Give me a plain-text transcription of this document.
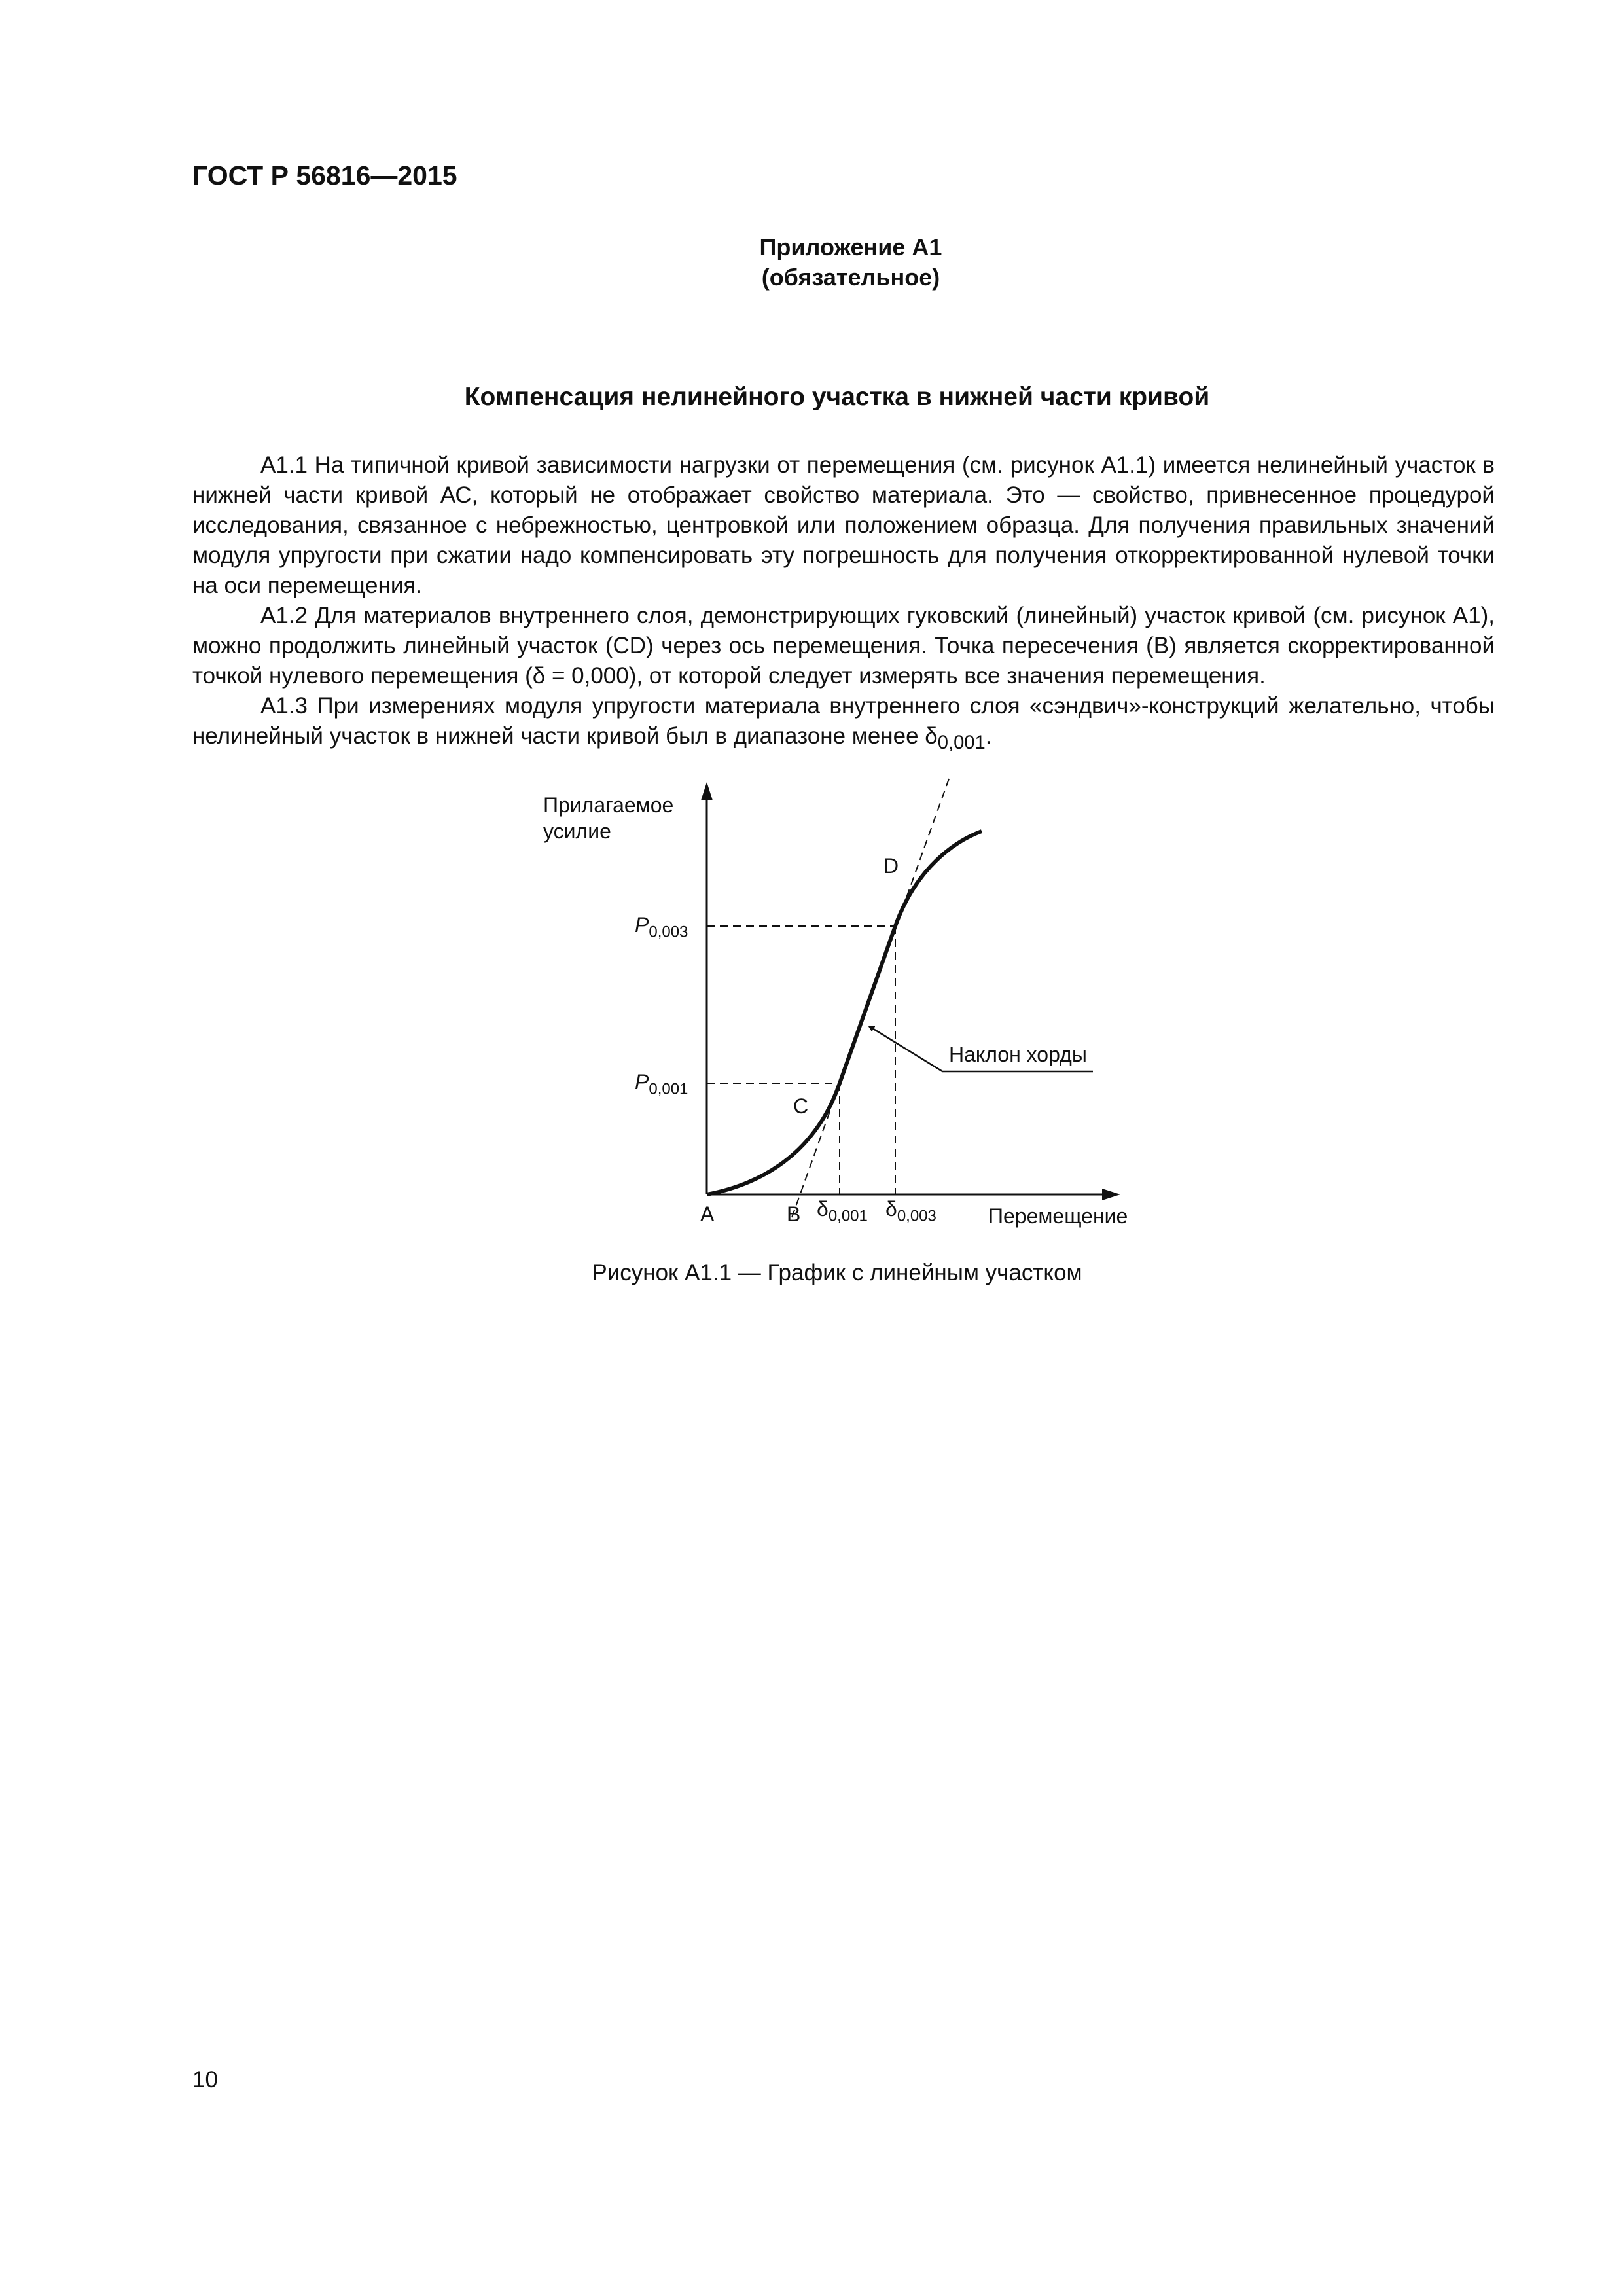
ГОСТ Р 56816—2015
Приложение А1
(обязательное)
Компенсация нелинейного участка в нижней части кривой

А1.1 На типичной кривой зависимости нагрузки от перемещения (см. рисунок А1.1) имеется нелинейный участок в нижней части кривой АС, который не отображает свойство материала. Это — свойство, привнесенное процедурой исследования, связанное с небрежностью, центровкой или положением образца. Для получения правильных значений модуля упругости при сжатии надо компенсировать эту погрешность для получения откорректированной нулевой точки на оси перемещения.

А1.2 Для материалов внутреннего слоя, демонстрирующих гуковский (линейный) участок кривой (см. рисунок А1), можно продолжить линейный участок (CD) через ось перемещения. Точка пересечения (В) является скорректированной точкой нулевого перемещения (δ = 0,000), от которой следует измерять все значения перемещения.

А1.3 При измерениях модуля упругости материала внутреннего слоя «сэндвич»-конструкций желательно, чтобы нелинейный участок в нижней части кривой был в диапазоне менее $\delta_{0,001}$.

Прилагаемое
усилие
$P_{0,003}$
$P_{0,001}$
D
C
A	B $\delta_{0,001}$ $\delta_{0,003}$ Перемещение
Наклон хорды
Рисунок А1.1 — График с линейным участком
10
